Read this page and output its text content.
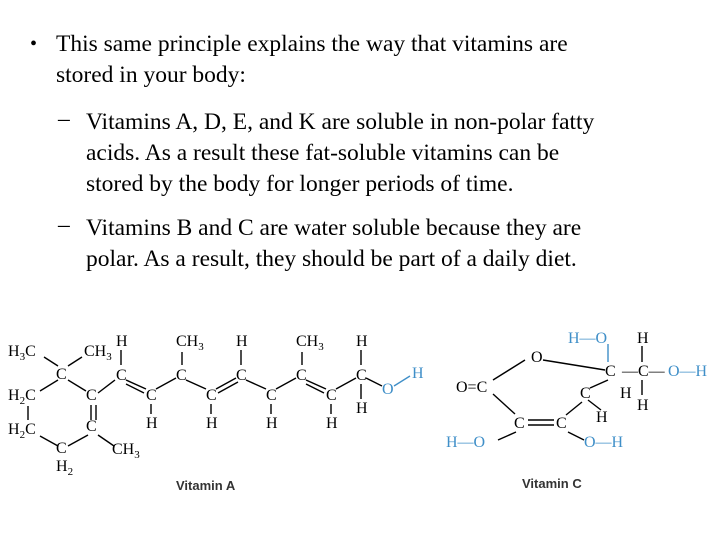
• This same principle explains the way that vitamins are
stored in your body:
– Vitamins A, D, E, and K are soluble in non-polar fatty
acids. As a result these fat-soluble vitamins can be
stored by the body for longer periods of time.
– Vitamins B and C are water soluble because they are
polar. As a result, they should be part of a daily diet.
$H_3C$	$CH_3$
C
$H_2C$	C
$H_2C$	C
C
$H_2$
$CH_3$
H
C
C
H
$CH_3$
C
C
H
H
C
C
H
$CH_3$
C
C
H
H
C
H
O
H
Vitamin A
H—O H
O
C —C— O—H
H
H
O=C	C
H
C C
H—O	O—H
Vitamin C
